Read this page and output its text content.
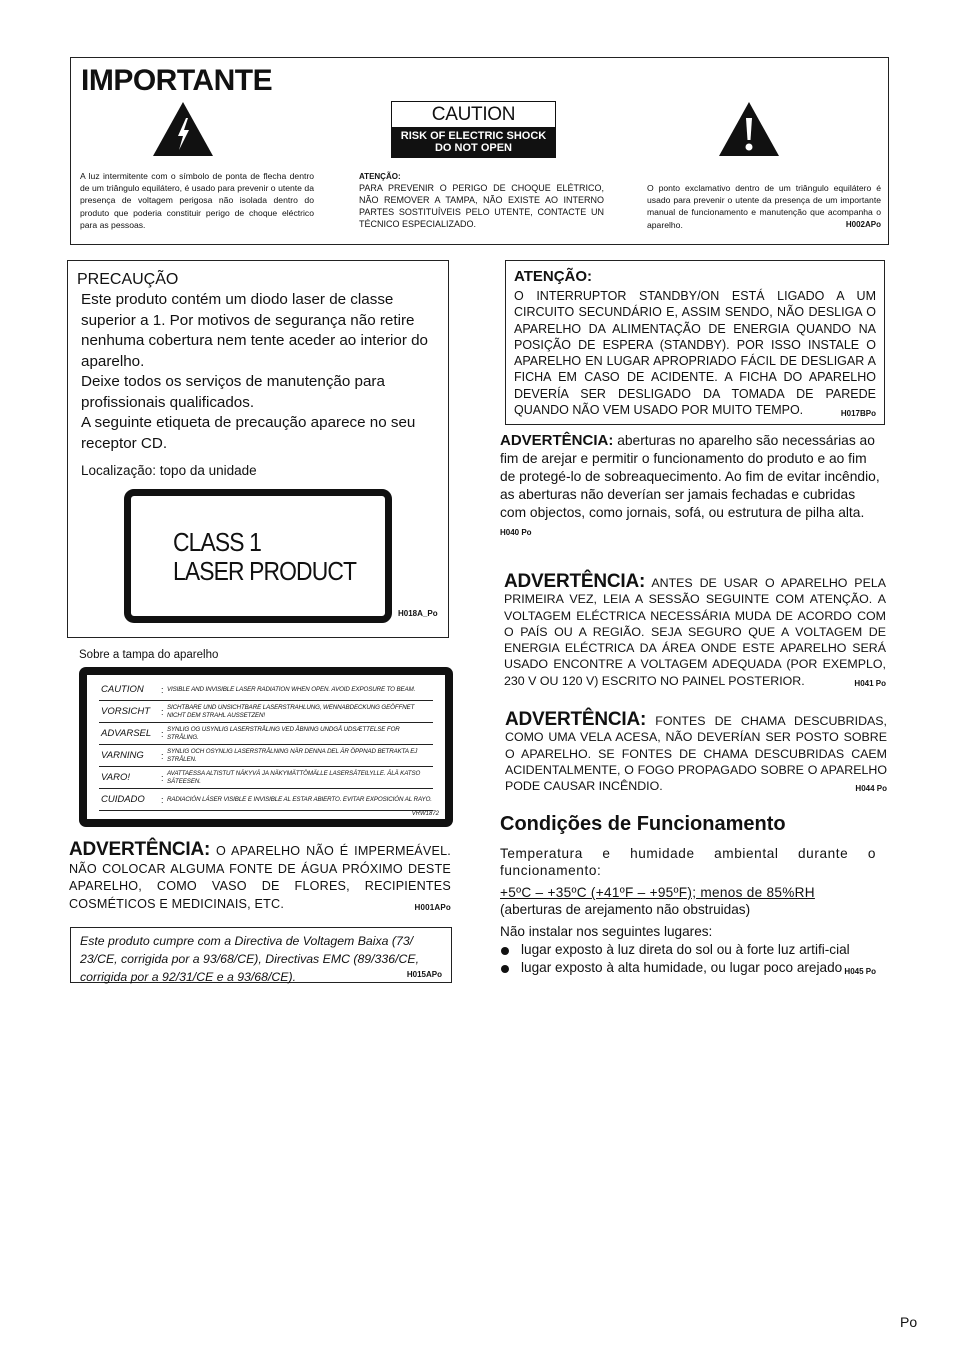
IMPORTANTE
CAUTION
RISK OF ELECTRIC SHOCK
DO NOT OPEN
A luz intermitente com o símbolo de ponta de flecha dentro de um triângulo equilátero, é usado para prevenir o utente da presença de voltagem perigosa não isolada dentro do produto que poderia constituir perigo de choque eléctrico para as pessoas.
ATENÇÃO:
PARA PREVENIR O PERIGO DE CHOQUE ELÉTRICO, NÃO REMOVER A TAMPA, NÃO EXISTE AO INTERNO PARTES SOSTITUÍVEIS PELO UTENTE, CONTACTE UN TÉCNICO ESPECIALIZADO.
O ponto exclamativo dentro de um triângulo equilátero é usado para prevenir o utente da presença de um importante manual de funcionamento e manutenção que acompanha o aparelho.	H002APo
PRECAUÇÃO
Este produto contém um diodo laser de classe superior a 1. Por motivos de segurança não retire nenhuma cobertura nem tente aceder ao interior do aparelho.
Deixe todos os serviços de manutenção para profissionais qualificados.
A seguinte etiqueta de precaução aparece no seu receptor CD.
Localização: topo da unidade
CLASS 1
LASER PRODUCT
H018A_Po
Sobre a tampa do aparelho
CAUTION	: VISIBLE AND INVISIBLE LASER RADIATION WHEN OPEN. AVOID EXPOSURE TO BEAM.
VORSICHT	: SICHTBARE UND UNSICHTBARE LASERSTRAHLUNG, WENNABDECKUNG GEÖFFNET NICHT DEM STRAHL AUSSETZEN!
ADVARSEL	: SYNLIG OG USYNLIG LASERSTRÅLING VED ÅBNING UNDGÅ UDSÆTTELSE FOR STRÅLING.
VARNING	: SYNLIG OCH OSYNLIG LASERSTRÅLNING NÄR DENNA DEL ÄR ÖPPNAD BETRAKTA EJ STRÅLEN.
VARO!	: AVATTAESSA ALTISTUT NÄKYVÄ JA NÄKYMÄTTÖMÄLLE LASERSÄTEILYLLE. ÄLÄ KATSO SÄTEESEN.
CUIDADO	: RADIACIÓN LÁSER VISIBLE E INVISIBLE AL ESTAR ABIERTO. EVITAR EXPOSICIÓN AL RAYO.
VRW1872
ADVERTÊNCIA: O APARELHO NÃO É IMPERMEÁVEL. NÃO COLOCAR ALGUMA FONTE DE ÁGUA PRÓXIMO DESTE APARELHO, COMO VASO DE FLORES, RECIPIENTES COSMÉTICOS E MEDICINAIS, ETC.	H001APo
Este produto cumpre com a Directiva de Voltagem Baixa (73/ 23/CE, corrigida por a 93/68/CE), Directivas EMC (89/336/CE, corrigida por a 92/31/CE e a 93/68/CE).	H015APo
ATENÇÃO:
O INTERRUPTOR STANDBY/ON ESTÁ LIGADO A UM CIRCUITO SECUNDÁRIO E, ASSIM SENDO, NÃO DESLIGA O APARELHO DA ALIMENTAÇÃO DE ENERGIA QUANDO NA POSIÇÃO DE ESPERA (STANDBY). POR ISSO INSTALE O APARELHO EN LUGAR APROPRIADO FÁCIL DE DESLIGAR A FICHA EM CASO DE ACIDENTE. A FICHA DO APARELHO DEVERÍA SER DESLIGADO DA TOMADA DE PAREDE QUANDO NÃO VEM USADO POR MUITO TEMPO.	H017BPo
ADVERTÊNCIA: aberturas no aparelho são necessárias ao fim de arejar e permitir o funcionamento do produto e ao fim de protegé-lo de sobreaquecimento. Ao fim de evitar incêndio, as aberturas não deverían ser jamais fechadas e cubridas com objectos, como jornais, sofá, ou estrutura de pilha alta. H040 Po
ADVERTÊNCIA: ANTES DE USAR O APARELHO PELA PRIMEIRA VEZ, LEIA A SESSÃO SEGUINTE COM ATENÇÃO. A VOLTAGEM ELÉCTRICA NECESSÁRIA MUDA DE ACORDO COM O PAÍS OU A REGIÃO. SEJA SEGURO QUE A VOLTAGEM DE ENERGIA ELÉCTRICA DA ÁREA ONDE ESTE APARELHO SERÁ USADO ENCONTRE A VOLTAGEM ADEQUADA (POR EXEMPLO, 230 V OU 120 V) ESCRITO NO PAINEL POSTERIOR.	H041 Po
ADVERTÊNCIA: FONTES DE CHAMA DESCUBRIDAS, COMO UMA VELA ACESA, NÃO DEVERÍAN SER POSTO SOBRE O APARELHO. SE FONTES DE CHAMA DESCUBRIDAS CAEM ACIDENTALMENTE, O FOGO PROPAGADO SOBRE O APARELHO PODE CAUSAR INCÊNDIO.	H044 Po
Condições de Funcionamento
Temperatura e humidade ambiental durante o funcionamento:
+5ºC – +35ºC (+41ºF – +95ºF); menos de 85%RH
(aberturas de arejamento não obstruidas)
Não instalar nos seguintes lugares:
lugar exposto à luz direta do sol ou à forte luz artifi-cial
lugar exposto à alta humidade, ou lugar poco arejado H045 Po
Po
